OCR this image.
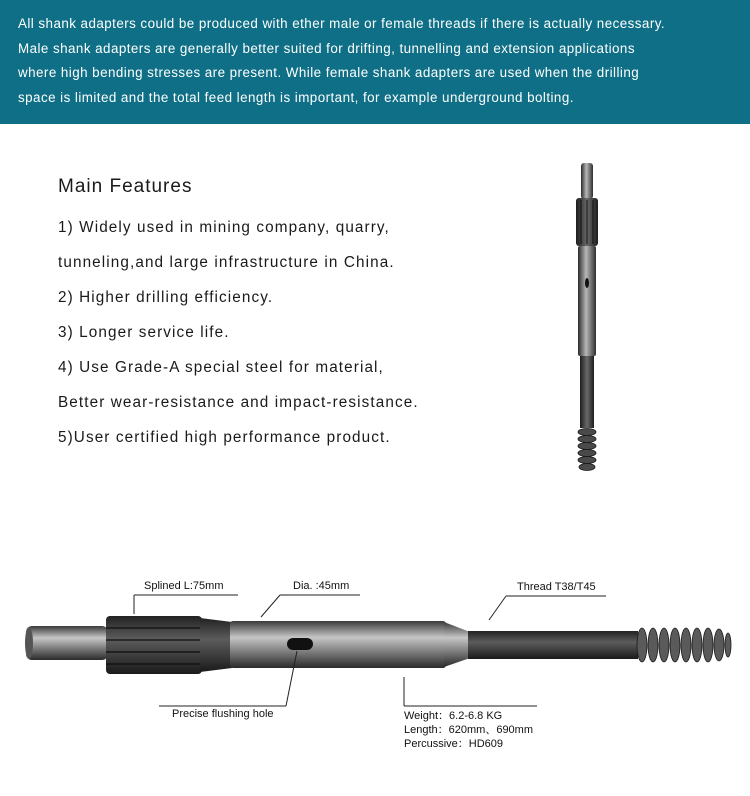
All shank adapters could be produced with ether male or female threads if there is actually necessary.
Male shank adapters are generally better suited for drifting, tunnelling and extension applications
where high bending stresses are present. While female shank adapters are used when the drilling
space is limited and the total feed length is important, for example underground bolting.

Main Features

1) Widely used in mining company, quarry,

tunneling,and large infrastructure in China.

2) Higher drilling efficiency.

3) Longer service life.

4) Use Grade-A special steel for material,

Better wear-resistance and impact-resistance.

5)User certified high performance product.

Splined L:75mm	Dia. :45mm	Thread T38/T45
Precise flushing hole	Weight：6.2-6.8 KG
Length：620mm、690mm
Percussive：HD609
